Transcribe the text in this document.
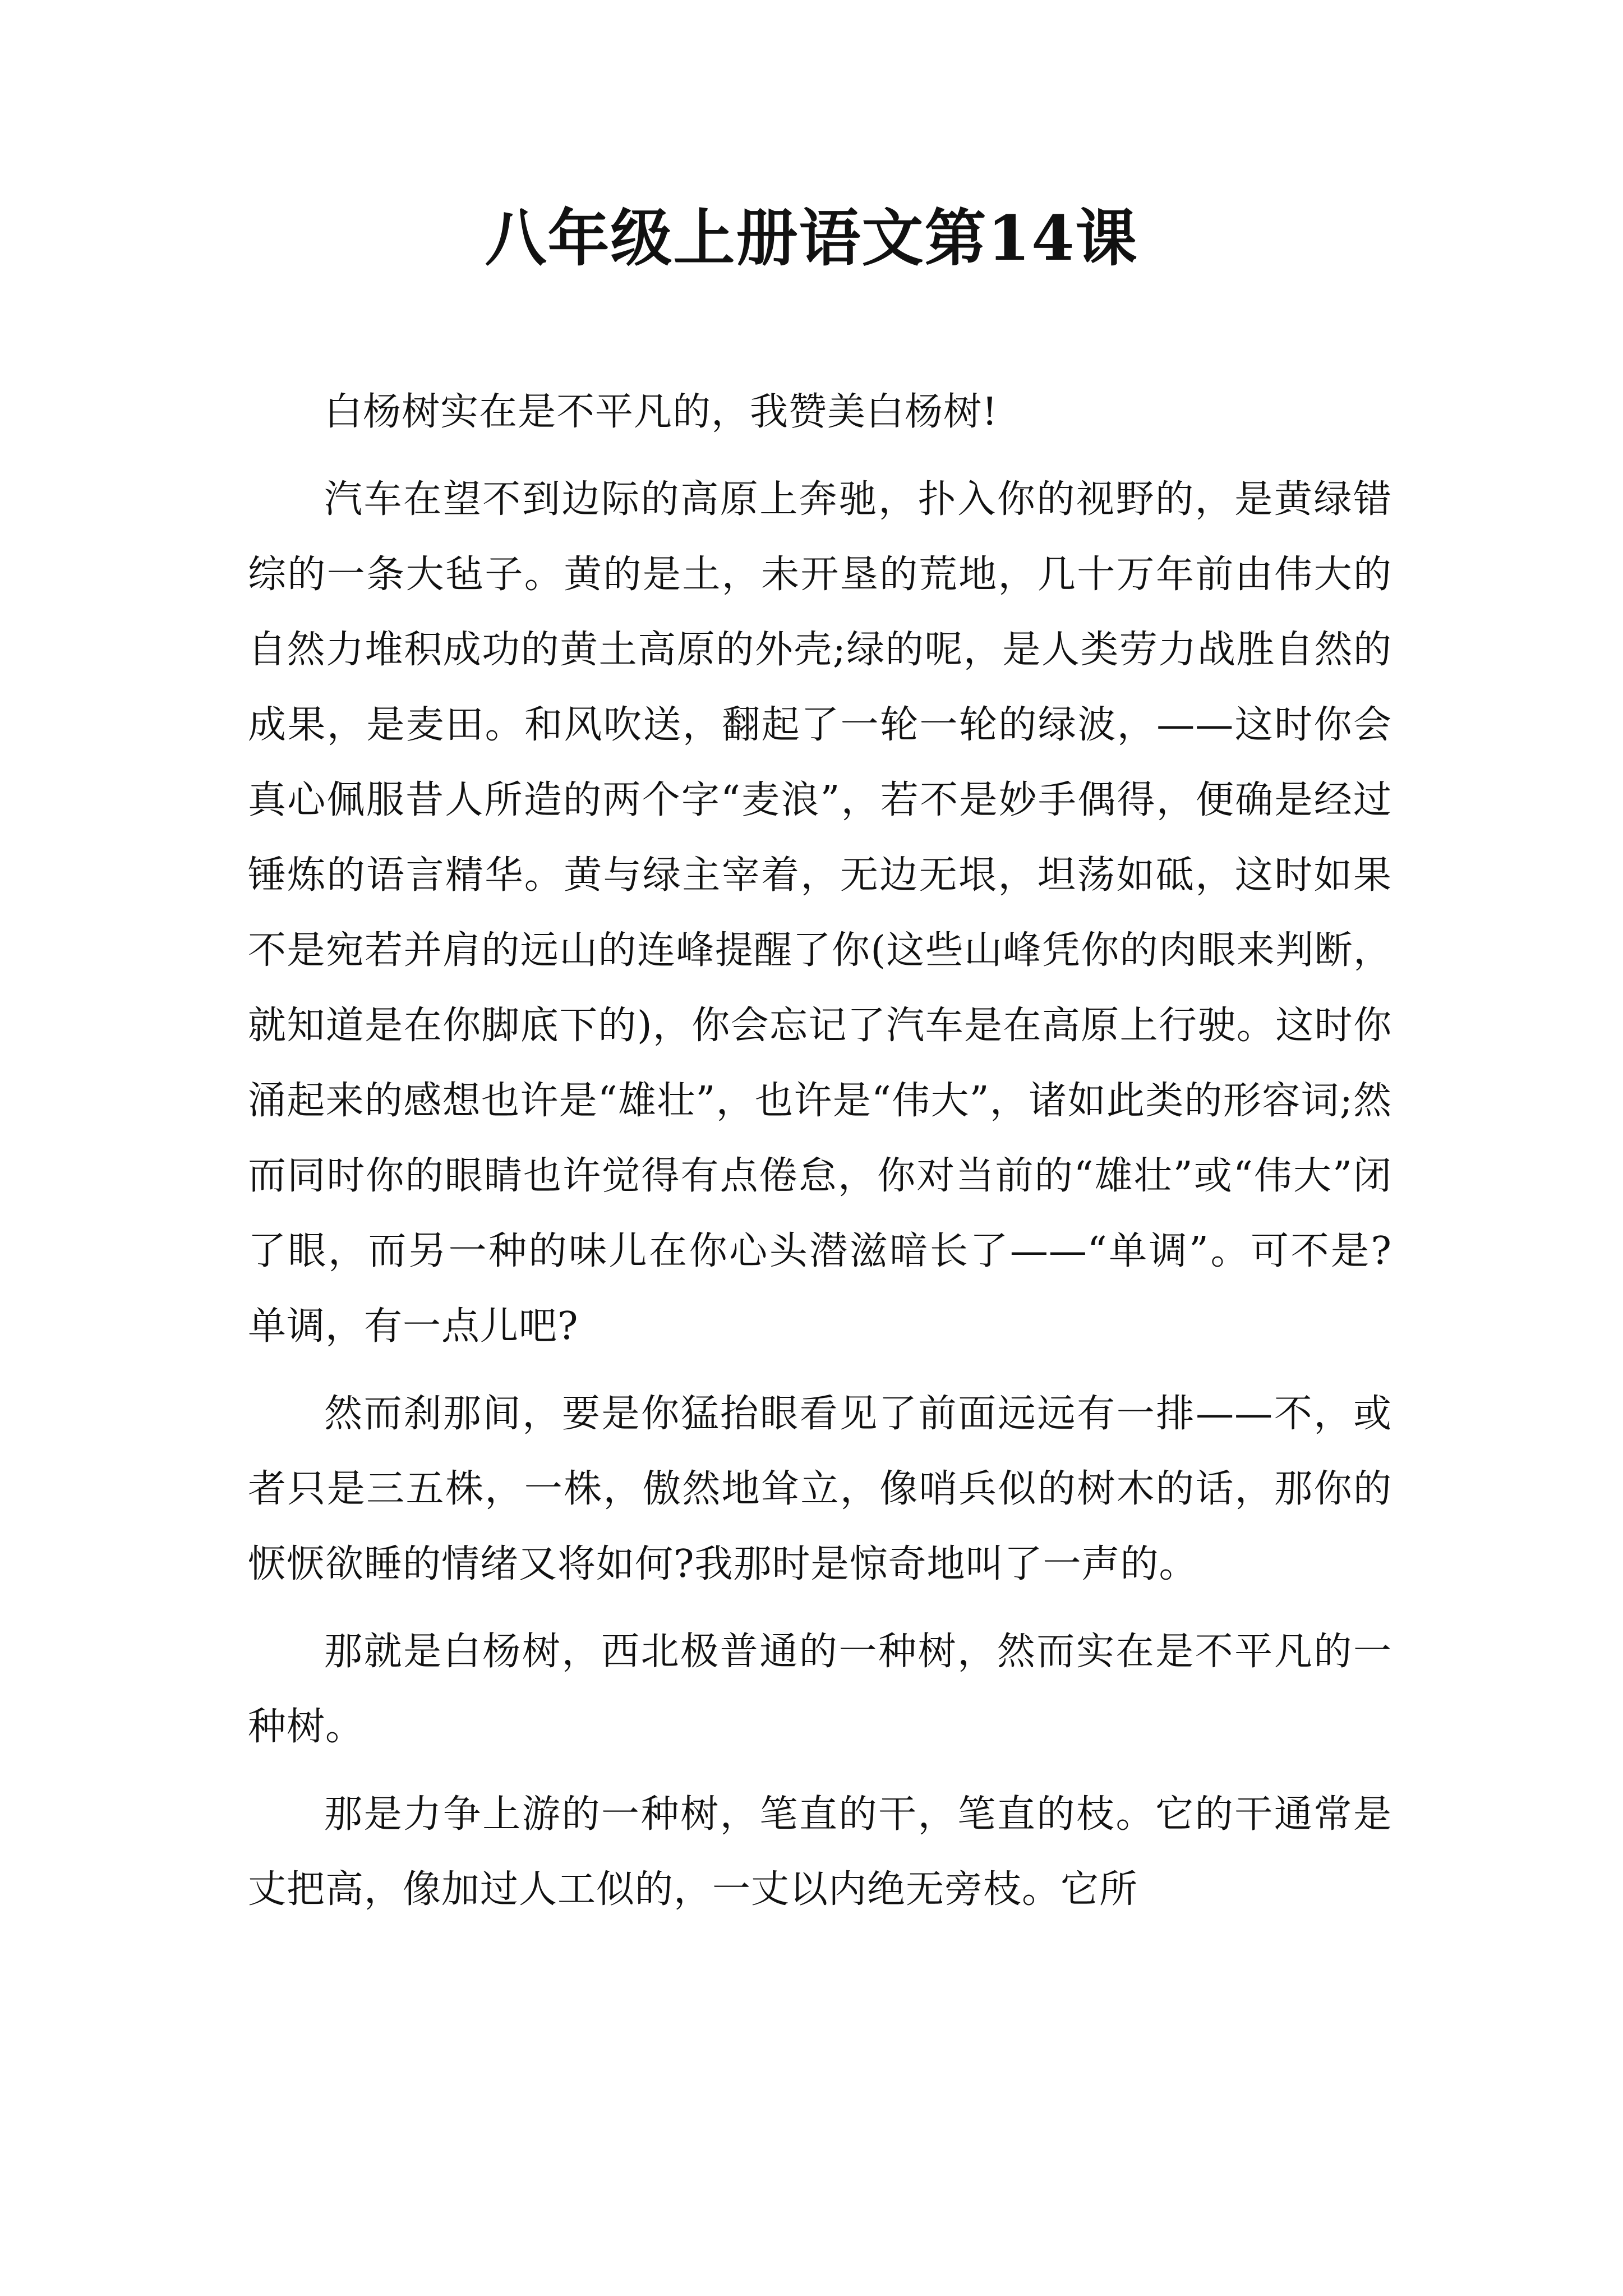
八年级上册语文第14课

白杨树实在是不平凡的，我赞美白杨树!

汽车在望不到边际的高原上奔驰，扑入你的视野的，是黄绿错综的一条大毡子。黄的是土，未开垦的荒地，几十万年前由伟大的自然力堆积成功的黄土高原的外壳;绿的呢，是人类劳力战胜自然的成果，是麦田。和风吹送，翻起了一轮一轮的绿波，——这时你会真心佩服昔人所造的两个字“麦浪”，若不是妙手偶得，便确是经过锤炼的语言精华。黄与绿主宰着，无边无垠，坦荡如砥，这时如果不是宛若并肩的远山的连峰提醒了你(这些山峰凭你的肉眼来判断，就知道是在你脚底下的)，你会忘记了汽车是在高原上行驶。这时你涌起来的感想也许是“雄壮”，也许是“伟大”，诸如此类的形容词;然而同时你的眼睛也许觉得有点倦怠，你对当前的“雄壮”或“伟大”闭了眼，而另一种的味儿在你心头潜滋暗长了——“单调”。可不是?单调，有一点儿吧?

然而刹那间，要是你猛抬眼看见了前面远远有一排——不，或者只是三五株，一株，傲然地耸立，像哨兵似的树木的话，那你的恹恹欲睡的情绪又将如何?我那时是惊奇地叫了一声的。

那就是白杨树，西北极普通的一种树，然而实在是不平凡的一种树。

那是力争上游的一种树，笔直的干，笔直的枝。它的干通常是丈把高，像加过人工似的，一丈以内绝无旁枝。它所
